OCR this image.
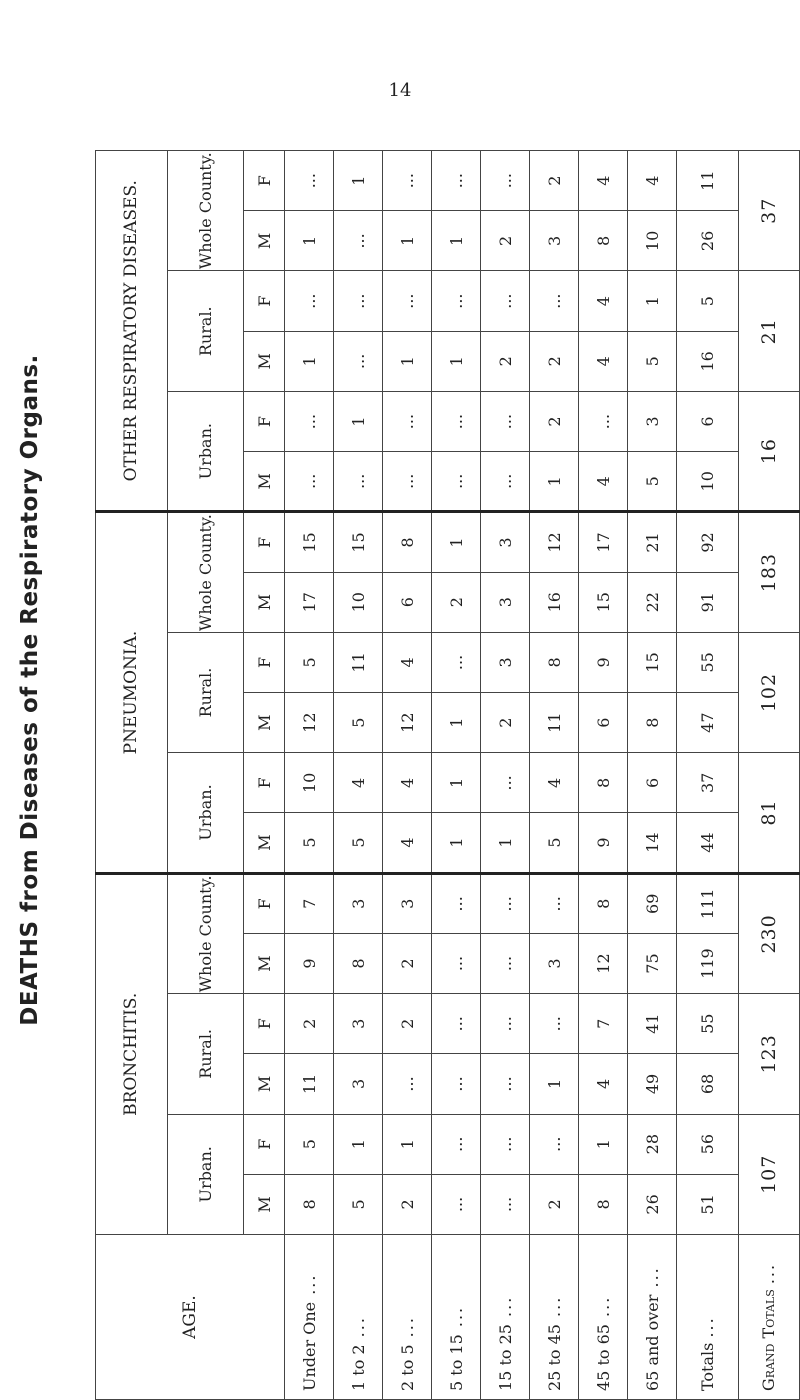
14
DEATHS from Diseases of the Respiratory Organs.
AGE.	BRONCHITIS.						PNEUMONIA.						OTHER RESPIRATORY DISEASES.					
	Urban.		Rural.		Whole County.		Urban.		Rural.		Whole County.		Urban.		Rural.		Whole County.	
	M	F	M	F	M	F	M	F	M	F	M	F	M	F	M	F	M	F
Under One ...	8	5	11	2	9	7	5	10	12	5	17	15	...	...	1	...	1	...
1 to 2 ...	5	1	3	3	8	3	5	4	5	11	10	15	...	1	...	...	...	1
2 to 5 ...	2	1	...	2	2	3	4	4	12	4	6	8	...	...	1	...	1	...
5 to 15 ...	...	...	...	...	...	...	1	1	1	...	2	1	...	...	1	...	1	...
15 to 25 ...	...	...	...	...	...	...	1	...	2	3	3	3	...	...	2	...	2	...
25 to 45 ...	2	...	1	...	3	...	5	4	11	8	16	12	1	2	2	...	3	2
45 to 65 ...	8	1	4	7	12	8	9	8	6	9	15	17	4	...	4	4	8	4
65 and over ...	26	28	49	41	75	69	14	6	8	15	22	21	5	3	5	1	10	4
Totals ...	51	56	68	55	119	111	44	37	47	55	91	92	10	6	16	5	26	11
Grand Totals ...	107		123		230		81		102		183		16		21		37	
